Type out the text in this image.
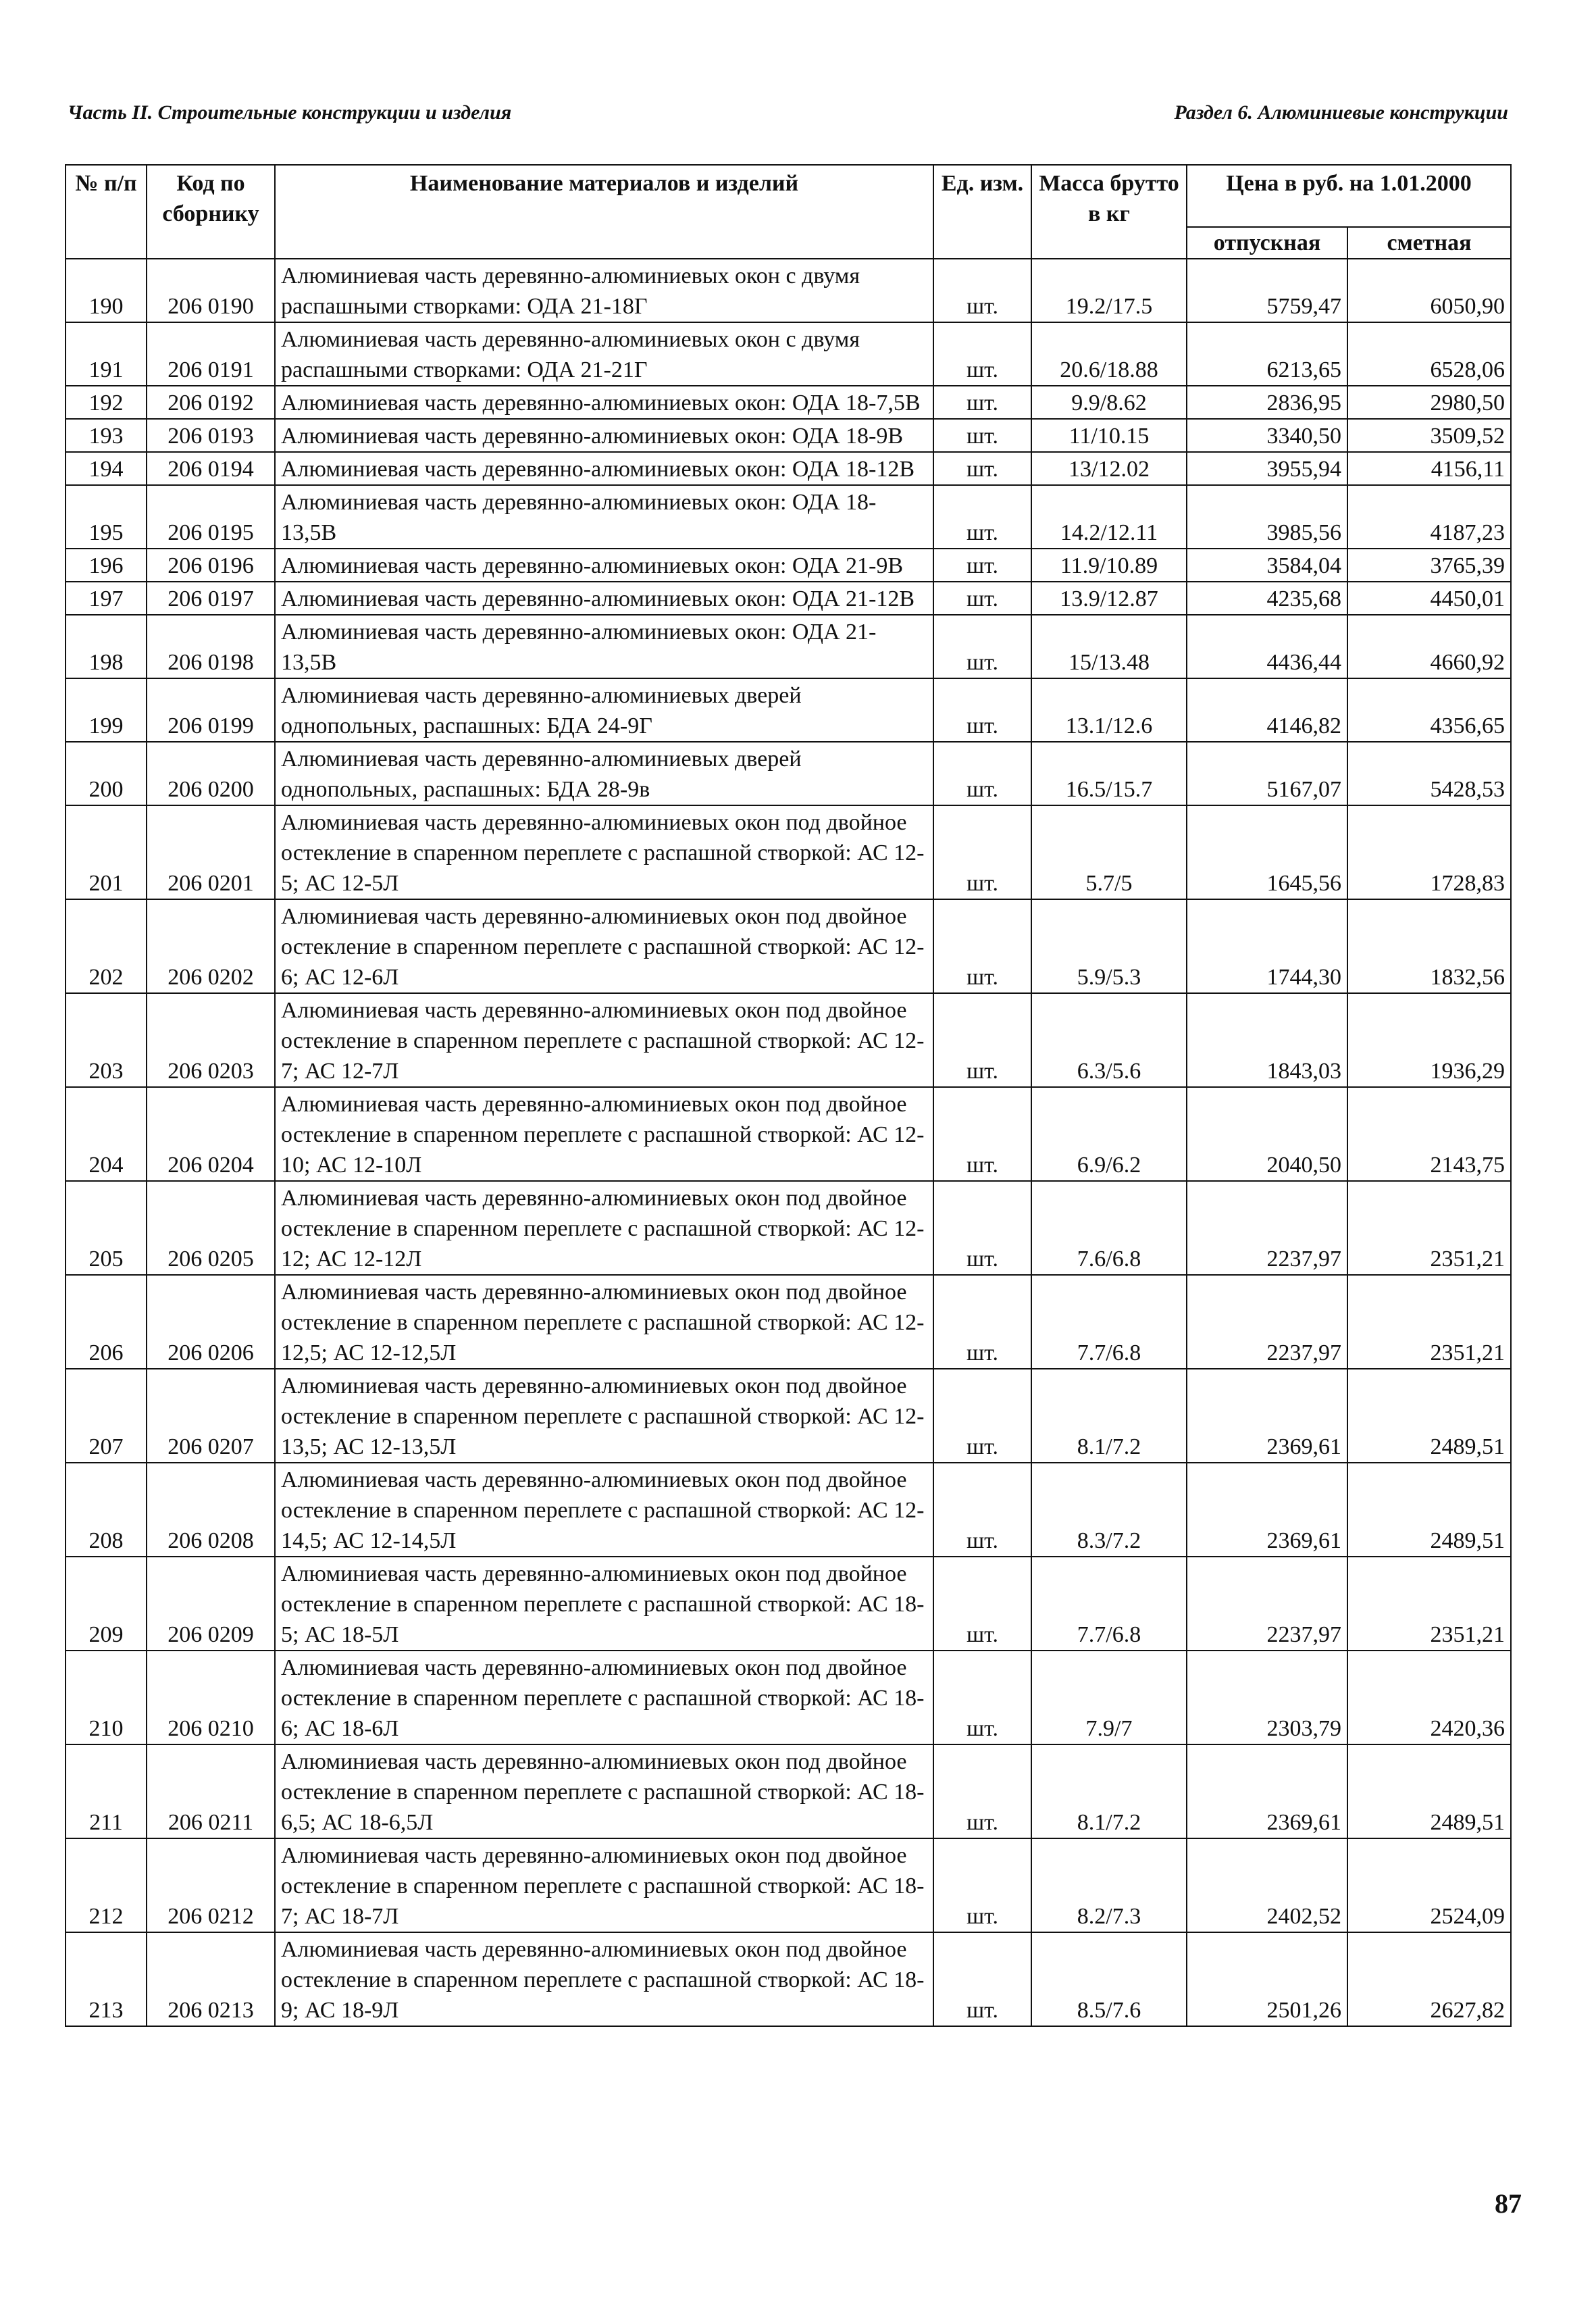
Часть II. Строительные конструкции и изделия	Раздел 6. Алюминиевые конструкции
№ п/п	Код по сборнику	Наименование материалов и изделий	Ед. изм.	Масса брутто в кг	Цена в руб. на 1.01.2000	
					отпускная	сметная
190	206 0190	Алюминиевая часть деревянно-алюминиевых окон с двумя распашными створками: ОДА 21-18Г	шт.	19.2/17.5	5759,47	6050,90
191	206 0191	Алюминиевая часть деревянно-алюминиевых окон с двумя распашными створками: ОДА 21-21Г	шт.	20.6/18.88	6213,65	6528,06
192	206 0192	Алюминиевая часть деревянно-алюминиевых окон: ОДА 18-7,5В	шт.	9.9/8.62	2836,95	2980,50
193	206 0193	Алюминиевая часть деревянно-алюминиевых окон: ОДА 18-9В	шт.	11/10.15	3340,50	3509,52
194	206 0194	Алюминиевая часть деревянно-алюминиевых окон: ОДА 18-12В	шт.	13/12.02	3955,94	4156,11
195	206 0195	Алюминиевая часть деревянно-алюминиевых окон: ОДА 18-13,5В	шт.	14.2/12.11	3985,56	4187,23
196	206 0196	Алюминиевая часть деревянно-алюминиевых окон: ОДА 21-9В	шт.	11.9/10.89	3584,04	3765,39
197	206 0197	Алюминиевая часть деревянно-алюминиевых окон: ОДА 21-12В	шт.	13.9/12.87	4235,68	4450,01
198	206 0198	Алюминиевая часть деревянно-алюминиевых окон: ОДА 21-13,5В	шт.	15/13.48	4436,44	4660,92
199	206 0199	Алюминиевая часть деревянно-алюминиевых дверей однопольных, распашных: БДА 24-9Г	шт.	13.1/12.6	4146,82	4356,65
200	206 0200	Алюминиевая часть деревянно-алюминиевых дверей однопольных, распашных: БДА 28-9в	шт.	16.5/15.7	5167,07	5428,53
201	206 0201	Алюминиевая часть деревянно-алюминиевых окон под двойное остекление в спаренном переплете с распашной створкой: АС 12-5; АС 12-5Л	шт.	5.7/5	1645,56	1728,83
202	206 0202	Алюминиевая часть деревянно-алюминиевых окон под двойное остекление в спаренном переплете с распашной створкой: АС 12-6; АС 12-6Л	шт.	5.9/5.3	1744,30	1832,56
203	206 0203	Алюминиевая часть деревянно-алюминиевых окон под двойное остекление в спаренном переплете с распашной створкой: АС 12-7; АС 12-7Л	шт.	6.3/5.6	1843,03	1936,29
204	206 0204	Алюминиевая часть деревянно-алюминиевых окон под двойное остекление в спаренном переплете с распашной створкой: АС 12-10; АС 12-10Л	шт.	6.9/6.2	2040,50	2143,75
205	206 0205	Алюминиевая часть деревянно-алюминиевых окон под двойное остекление в спаренном переплете с распашной створкой: АС 12-12; АС 12-12Л	шт.	7.6/6.8	2237,97	2351,21
206	206 0206	Алюминиевая часть деревянно-алюминиевых окон под двойное остекление в спаренном переплете с распашной створкой: АС 12-12,5; АС 12-12,5Л	шт.	7.7/6.8	2237,97	2351,21
207	206 0207	Алюминиевая часть деревянно-алюминиевых окон под двойное остекление в спаренном переплете с распашной створкой: АС 12-13,5; АС 12-13,5Л	шт.	8.1/7.2	2369,61	2489,51
208	206 0208	Алюминиевая часть деревянно-алюминиевых окон под двойное остекление в спаренном переплете с распашной створкой: АС 12-14,5; АС 12-14,5Л	шт.	8.3/7.2	2369,61	2489,51
209	206 0209	Алюминиевая часть деревянно-алюминиевых окон под двойное остекление в спаренном переплете с распашной створкой: АС 18-5; АС 18-5Л	шт.	7.7/6.8	2237,97	2351,21
210	206 0210	Алюминиевая часть деревянно-алюминиевых окон под двойное остекление в спаренном переплете с распашной створкой: АС 18-6; АС 18-6Л	шт.	7.9/7	2303,79	2420,36
211	206 0211	Алюминиевая часть деревянно-алюминиевых окон под двойное остекление в спаренном переплете с распашной створкой: АС 18-6,5; АС 18-6,5Л	шт.	8.1/7.2	2369,61	2489,51
212	206 0212	Алюминиевая часть деревянно-алюминиевых окон под двойное остекление в спаренном переплете с распашной створкой: АС 18-7; АС 18-7Л	шт.	8.2/7.3	2402,52	2524,09
213	206 0213	Алюминиевая часть деревянно-алюминиевых окон под двойное остекление в спаренном переплете с распашной створкой: АС 18-9; АС 18-9Л	шт.	8.5/7.6	2501,26	2627,82
87
